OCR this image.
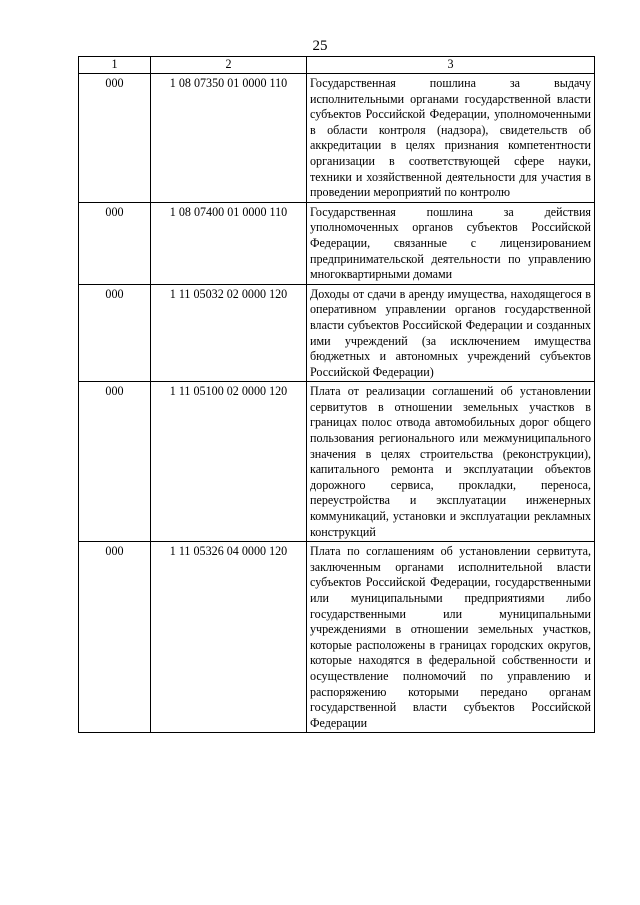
25
1	2	3
000	1 08 07350 01 0000 110	Государственная пошлина за выдачу исполнительными органами государственной власти субъектов Российской Федерации, уполномоченными в области контроля (надзора), свидетельств об аккредитации в целях признания компетентности организации в соответствующей сфере науки, техники и хозяйственной деятельности для участия в проведении мероприятий по контролю
000	1 08 07400 01 0000 110	Государственная пошлина за действия уполномоченных органов субъектов Российской Федерации, связанные с лицензированием предпринимательской деятельности по управлению многоквартирными домами
000	1 11 05032 02 0000 120	Доходы от сдачи в аренду имущества, находящегося в оперативном управлении органов государственной власти субъектов Российской Федерации и созданных ими учреждений (за исключением имущества бюджетных и автономных учреждений субъектов Российской Федерации)
000	1 11 05100 02 0000 120	Плата от реализации соглашений об установлении сервитутов в отношении земельных участков в границах полос отвода автомобильных дорог общего пользования регионального или межмуниципального значения в целях строительства (реконструкции), капитального ремонта и эксплуатации объектов дорожного сервиса, прокладки, переноса, переустройства и эксплуатации инженерных коммуникаций, установки и эксплуатации рекламных конструкций
000	1 11 05326 04 0000 120	Плата по соглашениям об установлении сервитута, заключенным органами исполнительной власти субъектов Российской Федерации, государственными или муниципальными предприятиями либо государственными или муниципальными учреждениями в отношении земельных участков, которые расположены в границах городских округов, которые находятся в федеральной собственности и осуществление полномочий по управлению и распоряжению которыми передано органам государственной власти субъектов Российской Федерации
